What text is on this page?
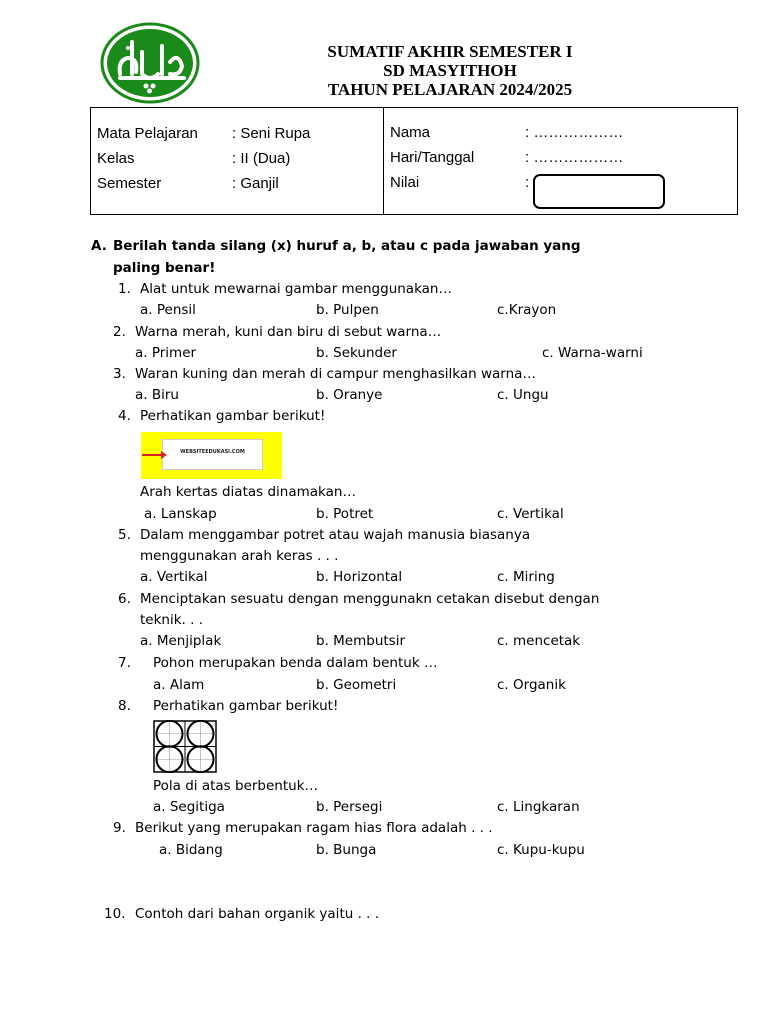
SUMATIF AKHIR SEMESTER I
SD MASYITHOH
TAHUN PELAJARAN 2024/2025
Mata Pelajaran : Seni Rupa
Kelas	: II (Dua)
Semester	: Ganjil
Nama	: ………………
Hari/Tanggal	: ………………
Nilai	:
A. Berilah tanda silang (x) huruf a, b, atau c pada jawaban yang
paling benar!
1. Alat untuk mewarnai gambar menggunakan…
a. Pensil	b. Pulpen	c.Krayon
2. Warna merah, kuni dan biru di sebut warna…
a. Primer	b. Sekunder	c. Warna-warni
3. Waran kuning dan merah di campur menghasilkan warna…
a. Biru	b. Oranye	c. Ungu
4. Perhatikan gambar berikut!
WEBSITEEDUKASI.COM
Arah kertas diatas dinamakan…
a. Lanskap	b. Potret	c. Vertikal
5. Dalam menggambar potret atau wajah manusia biasanya
menggunakan arah keras . . .
a. Vertikal	b. Horizontal	c. Miring
6. Menciptakan sesuatu dengan menggunakn cetakan disebut dengan
teknik. . .
a. Menjiplak	b. Membutsir	c. mencetak
7. Pohon merupakan benda dalam bentuk …
a. Alam	b. Geometri	c. Organik
8. Perhatikan gambar berikut!
Pola di atas berbentuk…
a. Segitiga	b. Persegi	c. Lingkaran
9. Berikut yang merupakan ragam hias flora adalah . . .
a. Bidang	b. Bunga	c. Kupu-kupu
10. Contoh dari bahan organik yaitu . . .
